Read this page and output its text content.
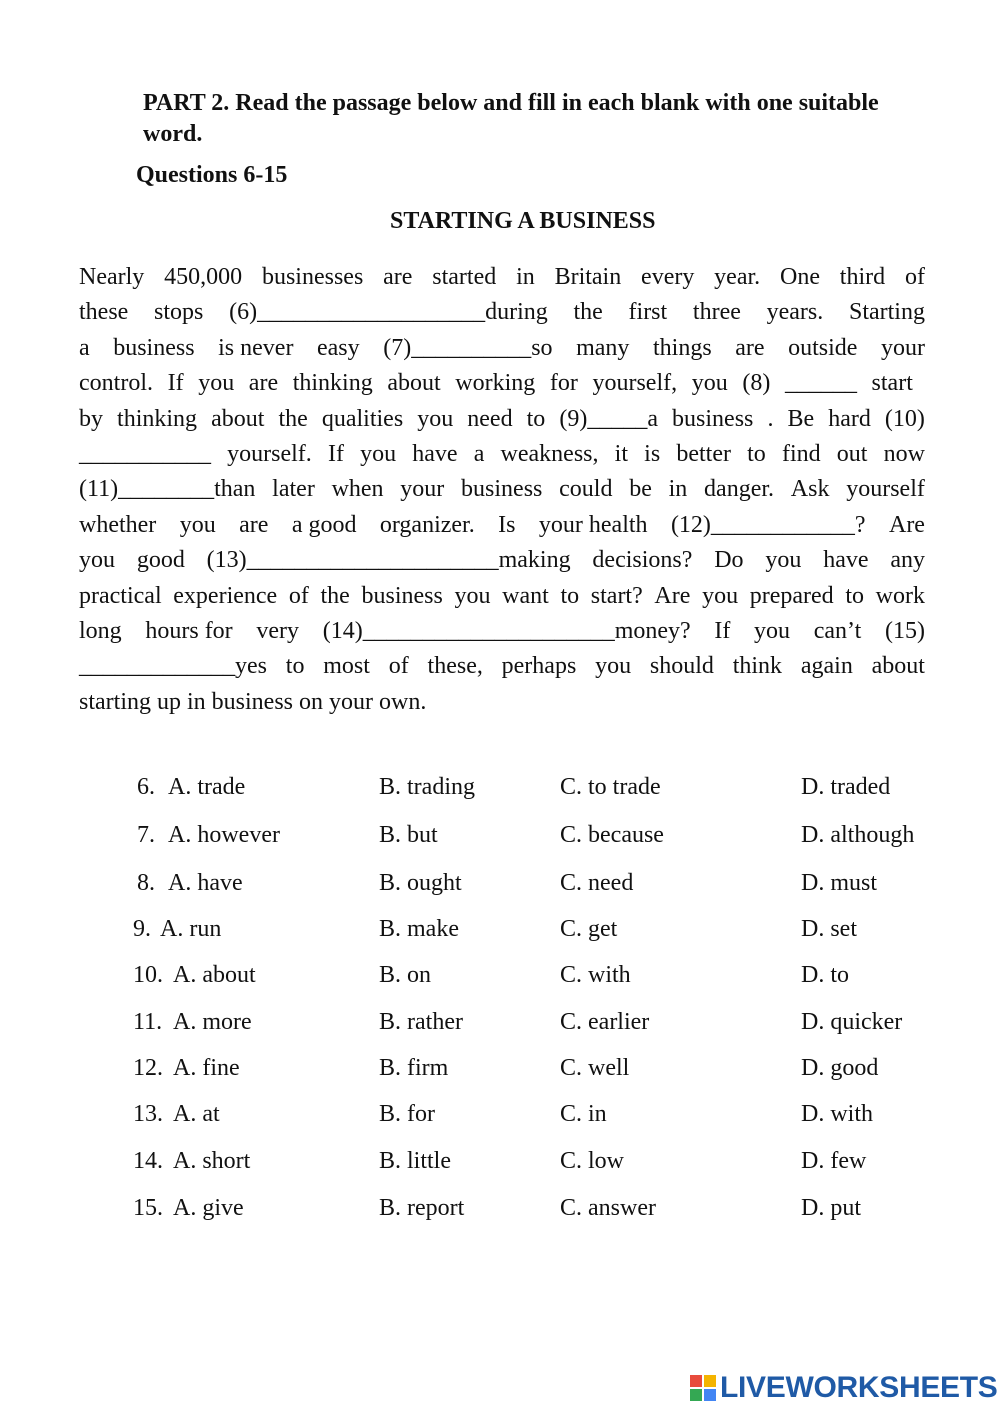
PART 2. Read the passage below and fill in each blank with one suitable word.
Questions 6-15
STARTING A BUSINESS
Nearly 450,000 businesses are started in Britain every year. One third of
these stops (6)___________________during the first three years. Starting
a business is never easy (7)__________so many things are outside your
control. If you are thinking about working for yourself, you (8) ______ start
by thinking about the qualities you need to (9)_____a business . Be hard (10)
___________ yourself. If you have a weakness, it is better to find out now
(11)________than later when your business could be in danger. Ask yourself
whether you are a good organizer. Is your health (12)____________? Are
you good (13)_____________________making decisions? Do you have any
practical experience of the business you want to start? Are you prepared to work
long hours for very (14)_____________________money? If you can’t (15)
_____________yes to most of these, perhaps you should think again about
starting up in business on your own.
6. A. trade	B. trading	C. to trade	D. traded
7. A. however	B. but	C. because	D. although
8. A. have	B. ought	C. need	D. must
9. A. run	B. make	C. get	D. set
10. A. about	B. on	C. with	D. to
11. A. more	B. rather	C. earlier	D. quicker
12. A. fine	B. firm	C. well	D. good
13. A. at	B. for	C. in	D. with
14. A. short	B. little	C. low	D. few
15. A. give	B. report	C. answer	D. put
LIVEWORKSHEETS
